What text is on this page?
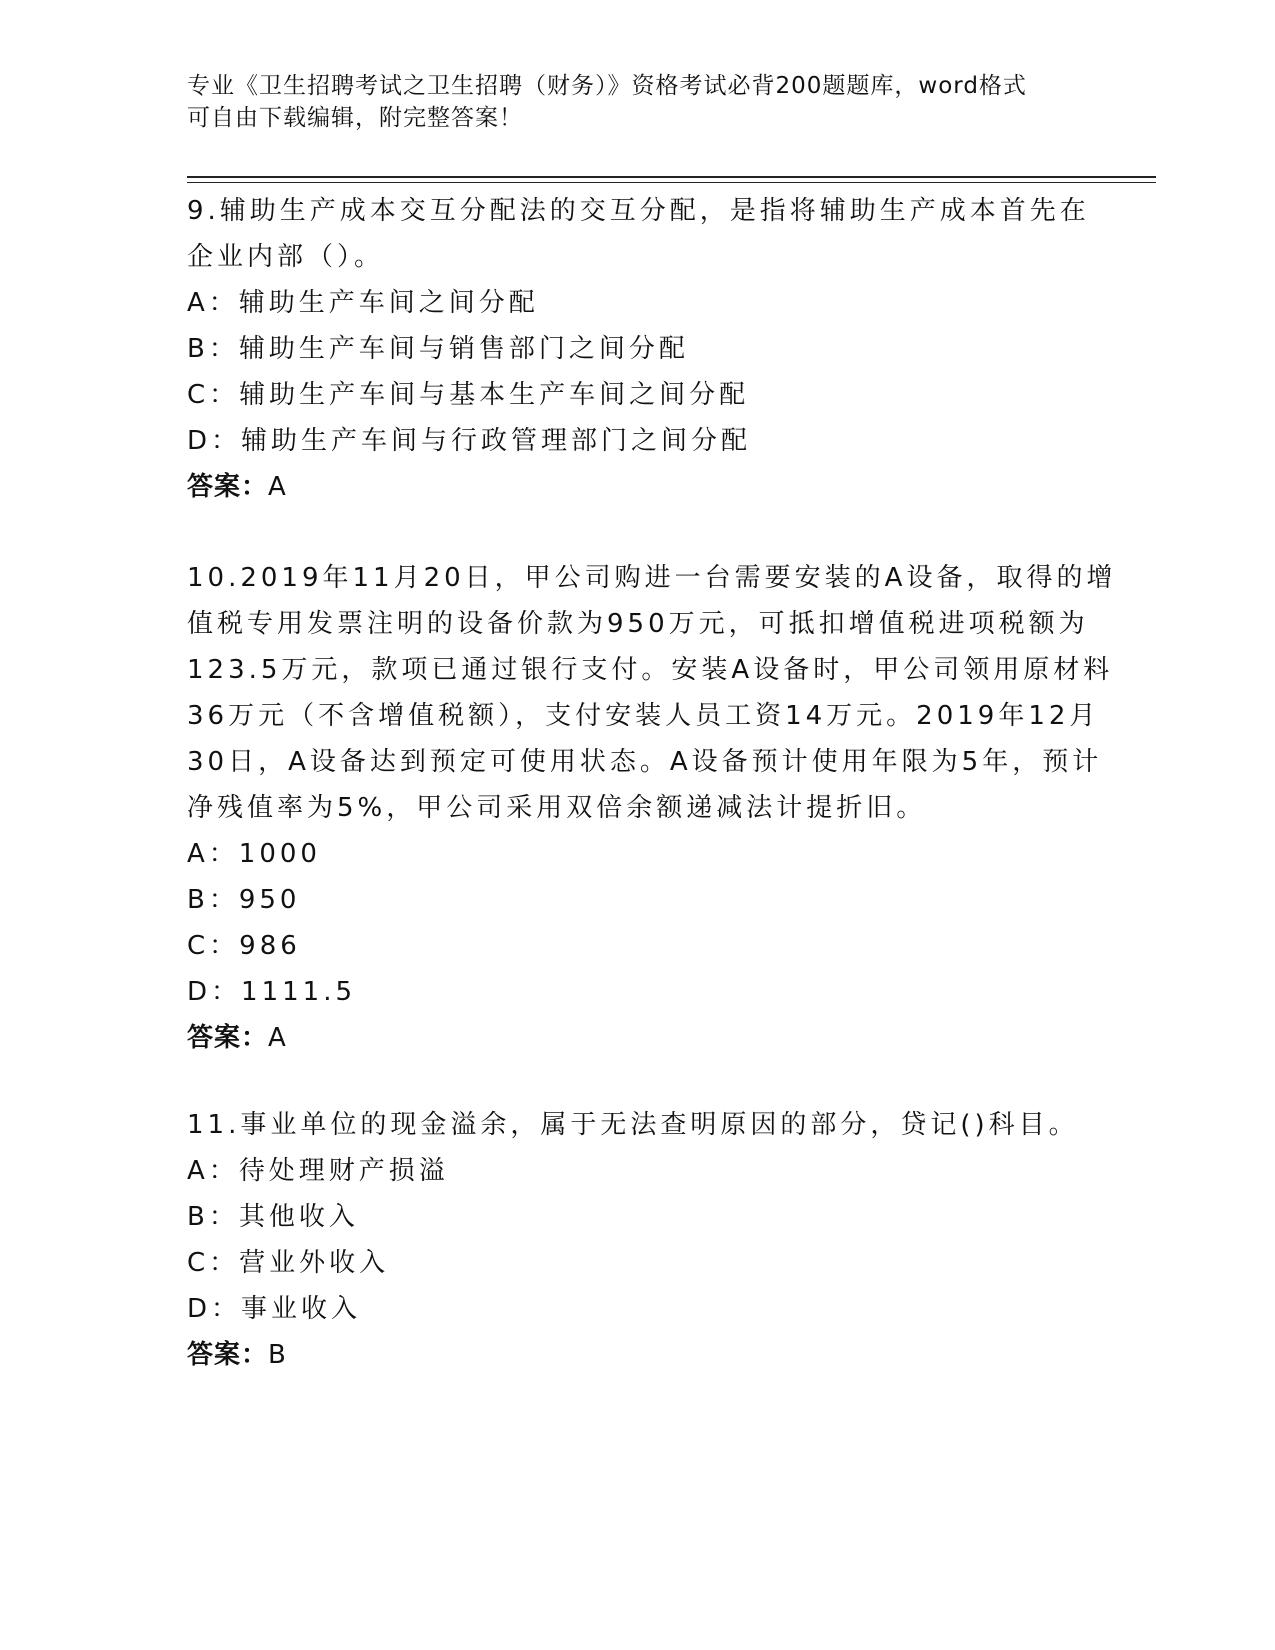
专业《卫生招聘考试之卫生招聘（财务）》资格考试必背200题题库，word格式
可自由下载编辑，附完整答案！
9.辅助生产成本交互分配法的交互分配，是指将辅助生产成本首先在
企业内部（）。
A：辅助生产车间之间分配
B：辅助生产车间与销售部门之间分配
C：辅助生产车间与基本生产车间之间分配
D：辅助生产车间与行政管理部门之间分配
答案：A
10.2019年11月20日，甲公司购进一台需要安装的A设备，取得的增
值税专用发票注明的设备价款为950万元，可抵扣增值税进项税额为
123.5万元，款项已通过银行支付。安装A设备时，甲公司领用原材料
36万元（不含增值税额），支付安装人员工资14万元。2019年12月
30日，A设备达到预定可使用状态。A设备预计使用年限为5年，预计
净残值率为5%，甲公司采用双倍余额递减法计提折旧。
A：1000
B：950
C：986
D：1111.5
答案：A
11.事业单位的现金溢余，属于无法查明原因的部分，贷记()科目。
A：待处理财产损溢
B：其他收入
C：营业外收入
D：事业收入
答案：B
